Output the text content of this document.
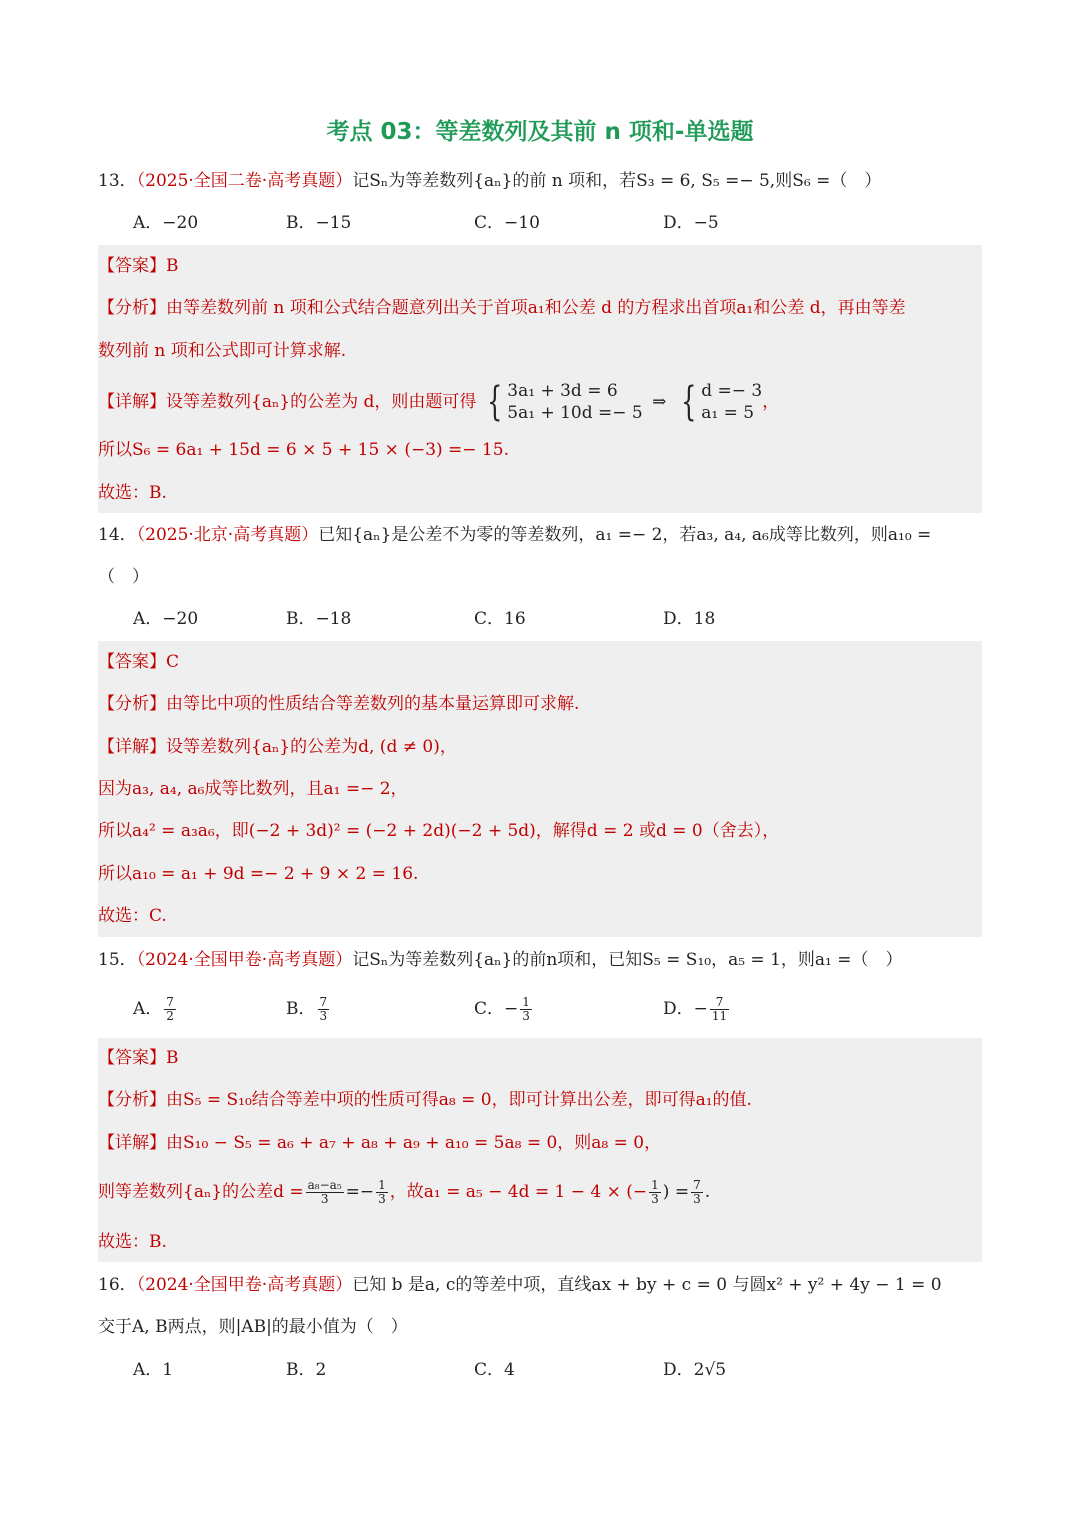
考点 03：等差数列及其前 n 项和-单选题
13．（2025·全国二卷·高考真题）记Sₙ为等差数列{aₙ}的前 n 项和，若S₃ = 6, S₅ =− 5,则S₆ =（　）
A．−20	B．−15	C．−10	D．−5
【答案】B
【分析】由等差数列前 n 项和公式结合题意列出关于首项a₁和公差 d 的方程求出首项a₁和公差 d，再由等差
数列前 n 项和公式即可计算求解.
【详解】设等差数列{aₙ}的公差为 d，则由题可得 { 3a₁ + 3d = 6
5a₁ + 10d =− 5
⇒ { d =− 3
a₁ = 5
，
所以S₆ = 6a₁ + 15d = 6 × 5 + 15 × (−3) =− 15.
故选：B.
14．（2025·北京·高考真题）已知{aₙ}是公差不为零的等差数列，a₁ =− 2，若a₃, a₄, a₆成等比数列，则a₁₀ =
（　）
A．−20	B．−18	C．16	D．18
【答案】C
【分析】由等比中项的性质结合等差数列的基本量运算即可求解.
【详解】设等差数列{aₙ}的公差为d, (d ≠ 0)，
因为a₃, a₄, a₆成等比数列，且a₁ =− 2，
所以a₄² = a₃a₆，即(−2 + 3d)² = (−2 + 2d)(−2 + 5d)，解得d = 2 或d = 0（舍去），
所以a₁₀ = a₁ + 9d =− 2 + 9 × 2 = 16.
故选：C.
15．（2024·全国甲卷·高考真题）记Sₙ为等差数列{aₙ}的前n项和，已知S₅ = S₁₀，a₅ = 1，则a₁ =（　）
A． $\frac{7}{2}$	B． $\frac{7}{3}$	C．− $\frac{1}{3}$	D．− $\frac{7}{11}$
【答案】B
【分析】由S₅ = S₁₀结合等差中项的性质可得a₈ = 0，即可计算出公差，即可得a₁的值.
【详解】由S₁₀ − S₅ = a₆ + a₇ + a₈ + a₉ + a₁₀ = 5a₈ = 0，则a₈ = 0，
则等差数列{aₙ}的公差$d = \frac{\text{a₈−a₅}}{3} =- \frac{1}{3}$ ，故a₁ = a₅ − 4d = 1 − 4 × (− $\frac{1}{3}$ ) = $\frac{7}{3}$ .
故选：B.
16．（2024·全国甲卷·高考真题）已知 b 是a, c的等差中项，直线ax + by + c = 0 与圆x² + y² + 4y − 1 = 0
交于A, B两点，则|AB|的最小值为（　）
A．1	B．2	C．4	D．2√5
